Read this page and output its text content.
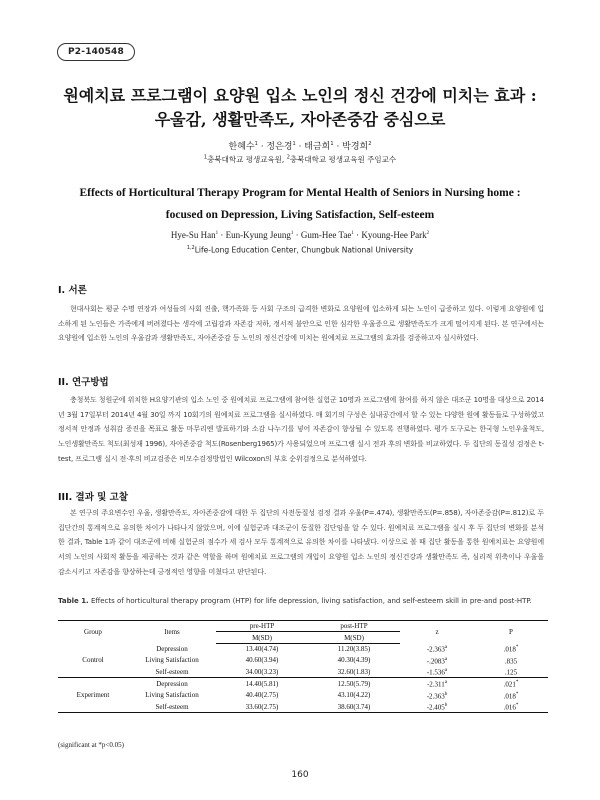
P2-140548
원예치료 프로그램이 요양원 입소 노인의 정신 건강에 미치는 효과 :
우울감, 생활만족도, 자아존중감 중심으로
한혜수$^1$ · 정은경$^1$ · 태금희$^1$ · 박경희$^2$
$^1$충북대학교 평생교육원, $^2$충북대학교 평생교육원 주임교수
Effects of Horticultural Therapy Program for Mental Health of Seniors in Nursing home :
focused on Depression, Living Satisfaction, Self-esteem
Hye-Su Han$^1$ · Eun-Kyung Jeung$^1$ · Gum-Hee Tae$^1$ · Kyoung-Hee Park$^2$
$^{1,2}$Life-Long Education Center, Chungbuk National University
I. 서론

현대사회는 평균 수명 연장과 여성들의 사회 진출, 핵가족화 등 사회 구조의 급격한 변화로 요양원에 입소하게 되는 노인이 급증하고 있다. 이렇게 요양원에 입소하게 된 노인들은 가족에게 버려졌다는 생각에 고립감과 자존감 저하, 정서적 불안으로 인한 심각한 우울증으로 생활만족도가 크게 떨어지게 된다. 본 연구에서는 요양원에 입소한 노인의 우울감과 생활만족도, 자아존중감 등 노인의 정신건강에 미치는 원예치료 프로그램의 효과를 검증하고자 실시하였다.

II. 연구방법

충청북도 청원군에 위치한 H요양기관의 입소 노인 중 원예치료 프로그램에 참여한 실험군 10명과 프로그램에 참여를 하지 않은 대조군 10명을 대상으로 2014년 3월 17일부터 2014년 4월 30일 까지 10회기의 원예치료 프로그램을 실시하였다. 매 회기의 구성은 실내공간에서 할 수 있는 다양한 원예 활동들로 구성하였고 정서적 안정과 성취감 증진을 목표로 활동 마무리엔 발표하기와 소감 나누기를 넣어 자존감이 향상될 수 있도록 진행하였다. 평가 도구로는 한국형 노인우울척도, 노인생활만족도 척도(최성재 1996), 자아존중감 척도(Rosenberg1965)가 사용되었으며 프로그램 실시 전과 후의 변화를 비교하였다. 두 집단의 동질성 검정은 t-test, 프로그램 실시 전·후의 비교검증은 비모수검정방법인 Wilcoxon의 부호 순위검정으로 분석하였다.

III. 결과 및 고찰

본 연구의 주요변수인 우울, 생활만족도, 자아존중감에 대한 두 집단의 사전동질성 검정 결과 우울(P=.474), 생활만족도(P=.858), 자아존중감(P=.812)로 두 집단간의 통계적으로 유의한 차이가 나타나지 않았으며, 이에 실험군과 대조군이 동질한 집단임을 알 수 있다. 원예치료 프로그램을 실시 후 두 집단의 변화를 분석한 결과, Table 1과 같이 대조군에 비해 실험군의 점수가 세 검사 모두 통계적으로 유의한 차이를 나타냈다. 이상으로 볼 때 집단 활동을 통한 원예치료는 요양원에서의 노인의 사회적 활동을 제공하는 것과 같은 역할을 하며 원예치료 프로그램의 개입이 요양원 입소 노인의 정신건강과 생활만족도 즉, 심리적 위축이나 우울을 감소시키고 자존감을 향상하는데 긍정적인 영향을 미쳤다고 판단된다.

Table 1. Effects of horticultural therapy program (HTP) for life depression, living satisfaction, and self-esteem skill in pre-and post-HTP.
Group	Items	pre-HTP	post-HTP	z	P
		M(SD)	M(SD)		
	Depression	13.40(4.74)	11.20(3.85)	-2.363$^a$	.018*
Control	Living Satisfaction	40.60(3.94)	40.30(4.39)	-.2083$^a$	.835
	Self-esteem	34.00(3.23)	32.60(1.83)	-1.536$^a$	.125
	Depression	14.40(5.81)	12.50(5.79)	-2.311$^a$	.021*
Experiment	Living Satisfaction	40.40(2.75)	43.10(4.22)	-2.363$^b$	.018*
	Self-esteem	33.60(2.75)	38.60(3.74)	-2.405$^b$	.016*
(significant at *p<0.05)
160
